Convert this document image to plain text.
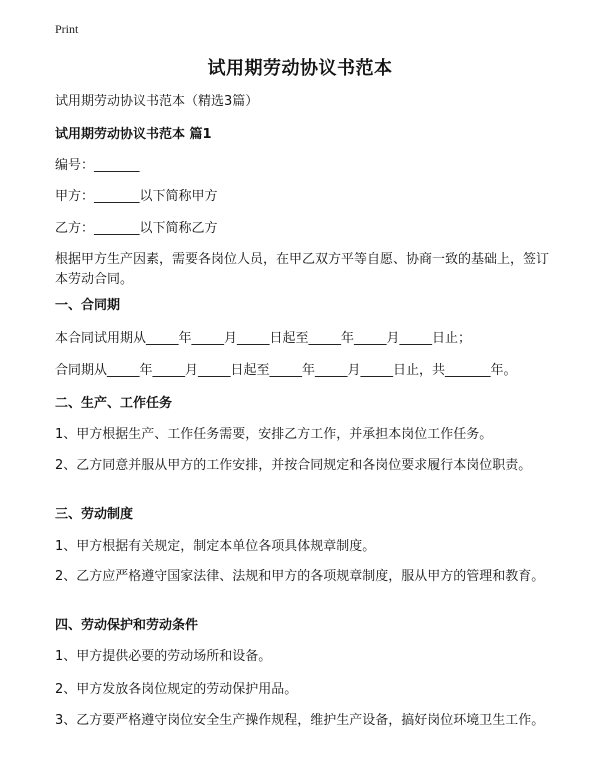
Print
试用期劳动协议书范本
试用期劳动协议书范本（精选3篇）
试用期劳动协议书范本 篇1
编号：_______
甲方：_______以下简称甲方
乙方：_______以下简称乙方
根据甲方生产因素，需要各岗位人员，在甲乙双方平等自愿、协商一致的基础上，签订本劳动合同。
一、合同期
本合同试用期从_____年_____月_____日起至_____年_____月_____日止；
合同期从_____年_____月_____日起至_____年_____月_____日止，共_______年。
二、生产、工作任务
1、甲方根据生产、工作任务需要，安排乙方工作，并承担本岗位工作任务。
2、乙方同意并服从甲方的工作安排，并按合同规定和各岗位要求履行本岗位职责。
三、劳动制度
1、甲方根据有关规定，制定本单位各项具体规章制度。
2、乙方应严格遵守国家法律、法规和甲方的各项规章制度，服从甲方的管理和教育。
四、劳动保护和劳动条件
1、甲方提供必要的劳动场所和设备。
2、甲方发放各岗位规定的劳动保护用品。
3、乙方要严格遵守岗位安全生产操作规程，维护生产设备，搞好岗位环境卫生工作。
